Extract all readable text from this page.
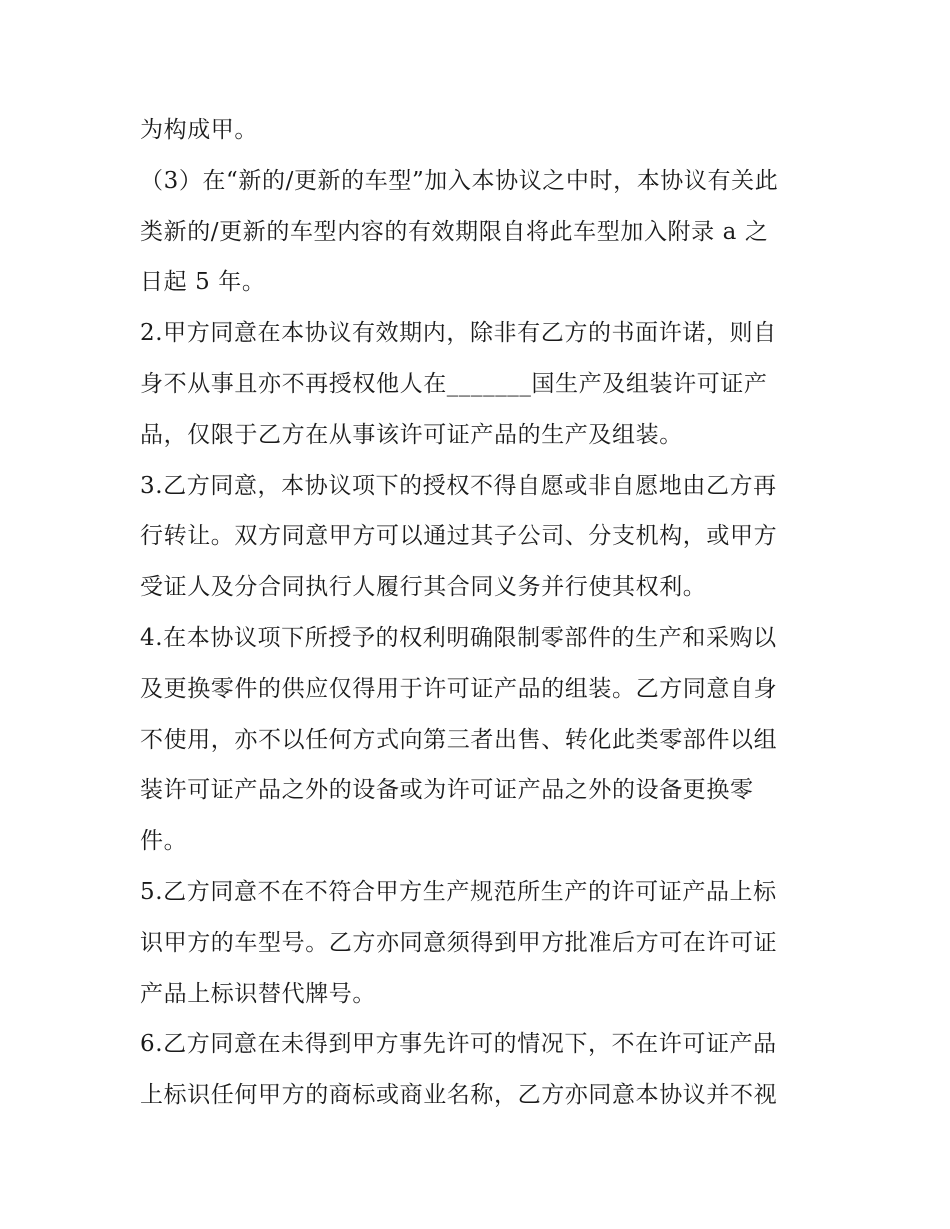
为构成甲。

（3）在“新的/更新的车型”加入本协议之中时，本协议有关此
类新的/更新的车型内容的有效期限自将此车型加入附录 a 之
日起 5 年。

2.甲方同意在本协议有效期内，除非有乙方的书面许诺，则自
身不从事且亦不再授权他人在_______国生产及组装许可证产
品，仅限于乙方在从事该许可证产品的生产及组装。

3.乙方同意，本协议项下的授权不得自愿或非自愿地由乙方再
行转让。双方同意甲方可以通过其子公司、分支机构，或甲方
受证人及分合同执行人履行其合同义务并行使其权利。

4.在本协议项下所授予的权利明确限制零部件的生产和采购以
及更换零件的供应仅得用于许可证产品的组装。乙方同意自身
不使用，亦不以任何方式向第三者出售、转化此类零部件以组
装许可证产品之外的设备或为许可证产品之外的设备更换零
件。

5.乙方同意不在不符合甲方生产规范所生产的许可证产品上标
识甲方的车型号。乙方亦同意须得到甲方批准后方可在许可证
产品上标识替代牌号。

6.乙方同意在未得到甲方事先许可的情况下，不在许可证产品
上标识任何甲方的商标或商业名称，乙方亦同意本协议并不视
